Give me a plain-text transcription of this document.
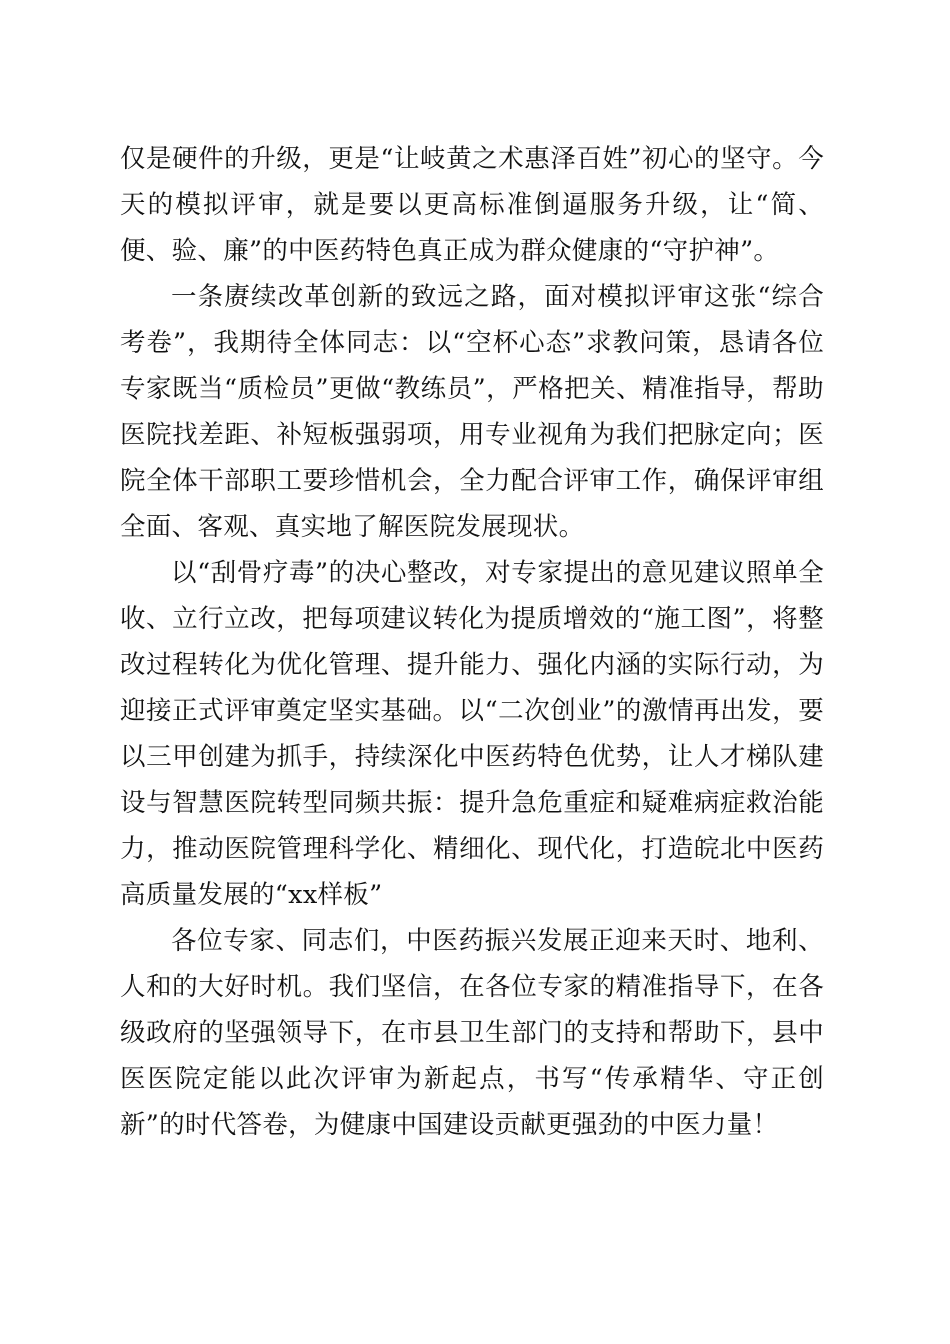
仅是硬件的升级，更是“让岐黄之术惠泽百姓”初心的坚守。今天的模拟评审，就是要以更高标准倒逼服务升级，让“简、便、验、廉”的中医药特色真正成为群众健康的“守护神”。

一条赓续改革创新的致远之路，面对模拟评审这张“综合考卷”，我期待全体同志：以“空杯心态”求教问策，恳请各位专家既当“质检员”更做“教练员”，严格把关、精准指导，帮助医院找差距、补短板强弱项，用专业视角为我们把脉定向；医院全体干部职工要珍惜机会，全力配合评审工作，确保评审组全面、客观、真实地了解医院发展现状。

以“刮骨疗毒”的决心整改，对专家提出的意见建议照单全收、立行立改，把每项建议转化为提质增效的“施工图”，将整改过程转化为优化管理、提升能力、强化内涵的实际行动，为迎接正式评审奠定坚实基础。以“二次创业”的激情再出发，要以三甲创建为抓手，持续深化中医药特色优势，让人才梯队建设与智慧医院转型同频共振：提升急危重症和疑难病症救治能力，推动医院管理科学化、精细化、现代化，打造皖北中医药高质量发展的“xx样板”

各位专家、同志们，中医药振兴发展正迎来天时、地利、人和的大好时机。我们坚信，在各位专家的精准指导下，在各级政府的坚强领导下，在市县卫生部门的支持和帮助下，县中医医院定能以此次评审为新起点，书写“传承精华、守正创新”的时代答卷，为健康中国建设贡献更强劲的中医力量！
